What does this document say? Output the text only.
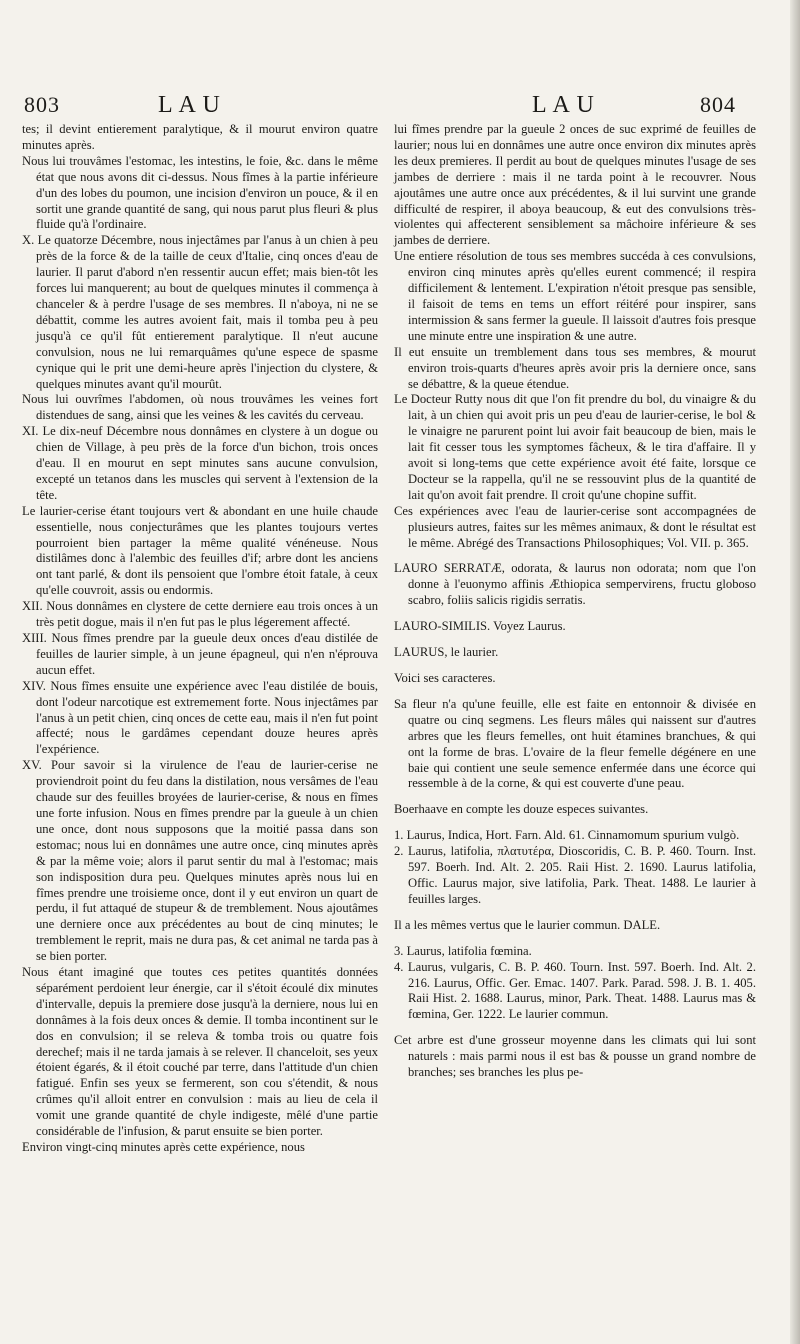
803	L A U	L A U	804

tes; il devint entierement paralytique, & il mourut environ quatre minutes après.

Nous lui trouvâmes l'estomac, les intestins, le foie, &c. dans le même état que nous avons dit ci-dessus. Nous fîmes à la partie inférieure d'un des lobes du poumon, une incision d'environ un pouce, & il en sortit une grande quantité de sang, qui nous parut plus fleuri & plus fluide qu'à l'ordinaire.

X. Le quatorze Décembre, nous injectâmes par l'anus à un chien à peu près de la force & de la taille de ceux d'Italie, cinq onces d'eau de laurier. Il parut d'abord n'en ressentir aucun effet; mais bien-tôt les forces lui manquerent; au bout de quelques minutes il commença à chanceler & à perdre l'usage de ses membres. Il n'aboya, ni ne se débattit, comme les autres avoient fait, mais il tomba peu à peu jusqu'à ce qu'il fût entierement paralytique. Il n'eut aucune convulsion, nous ne lui remarquâmes qu'une espece de spasme cynique qui le prit une demi-heure après l'injection du clystere, & quelques minutes avant qu'il mourût.

Nous lui ouvrîmes l'abdomen, où nous trouvâmes les veines fort distendues de sang, ainsi que les veines & les cavités du cerveau.

XI. Le dix-neuf Décembre nous donnâmes en clystere à un dogue ou chien de Village, à peu près de la force d'un bichon, trois onces d'eau. Il en mourut en sept minutes sans aucune convulsion, excepté un tetanos dans les muscles qui servent à l'extension de la tête.

Le laurier-cerise étant toujours vert & abondant en une huile chaude essentielle, nous conjecturâmes que les plantes toujours vertes pourroient bien partager la même qualité vénéneuse. Nous distilâmes donc à l'alembic des feuilles d'if; arbre dont les anciens ont tant parlé, & dont ils pensoient que l'ombre étoit fatale, à ceux qu'elle couvroit, assis ou endormis.

XII. Nous donnâmes en clystere de cette derniere eau trois onces à un très petit dogue, mais il n'en fut pas le plus légerement affecté.

XIII. Nous fîmes prendre par la gueule deux onces d'eau distilée de feuilles de laurier simple, à un jeune épagneul, qui n'en n'éprouva aucun effet.

XIV. Nous fîmes ensuite une expérience avec l'eau distilée de bouis, dont l'odeur narcotique est extremement forte. Nous injectâmes par l'anus à un petit chien, cinq onces de cette eau, mais il n'en fut point affecté; nous le gardâmes cependant douze heures après l'expérience.

XV. Pour savoir si la virulence de l'eau de laurier-cerise ne proviendroit point du feu dans la distilation, nous versâmes de l'eau chaude sur des feuilles broyées de laurier-cerise, & nous en fîmes une forte infusion. Nous en fîmes prendre par la gueule à un chien une once, dont nous supposons que la moitié passa dans son estomac; nous lui en donnâmes une autre once, cinq minutes après & par la même voie; alors il parut sentir du mal à l'estomac; mais son indisposition dura peu. Quelques minutes après nous lui en fîmes prendre une troisieme once, dont il y eut environ un quart de perdu, il fut attaqué de stupeur & de tremblement. Nous ajoutâmes une derniere once aux précédentes au bout de cinq minutes; le tremblement le reprit, mais ne dura pas, & cet animal ne tarda pas à se bien porter.

Nous étant imaginé que toutes ces petites quantités données séparément perdoient leur énergie, car il s'étoit écoulé dix minutes d'intervalle, depuis la premiere dose jusqu'à la derniere, nous lui en donnâmes à la fois deux onces & demie. Il tomba incontinent sur le dos en convulsion; il se releva & tomba trois ou quatre fois derechef; mais il ne tarda jamais à se relever. Il chanceloit, ses yeux étoient égarés, & il étoit couché par terre, dans l'attitude d'un chien fatigué. Enfin ses yeux se fermerent, son cou s'étendit, & nous crûmes qu'il alloit entrer en convulsion : mais au lieu de cela il vomit une grande quantité de chyle indigeste, mêlé d'une partie considérable de l'infusion, & parut ensuite se bien porter.

Environ vingt-cinq minutes après cette expérience, nous

lui fîmes prendre par la gueule 2 onces de suc exprimé de feuilles de laurier; nous lui en donnâmes une autre once environ dix minutes après les deux premieres. Il perdit au bout de quelques minutes l'usage de ses jambes de derriere : mais il ne tarda point à le recouvrer. Nous ajoutâmes une autre once aux précédentes, & il lui survint une grande difficulté de respirer, il aboya beaucoup, & eut des convulsions très-violentes qui affecterent sensiblement sa mâchoire inférieure & ses jambes de derriere.

Une entiere résolution de tous ses membres succéda à ces convulsions, environ cinq minutes après qu'elles eurent commencé; il respira difficilement & lentement. L'expiration n'étoit presque pas sensible, il faisoit de tems en tems un effort réitéré pour inspirer, sans intermission & sans fermer la gueule. Il laissoit d'autres fois presque une minute entre une inspiration & une autre.

Il eut ensuite un tremblement dans tous ses membres, & mourut environ trois-quarts d'heures après avoir pris la derniere once, sans se débattre, & la queue étendue.

Le Docteur Rutty nous dit que l'on fit prendre du bol, du vinaigre & du lait, à un chien qui avoit pris un peu d'eau de laurier-cerise, le bol & le vinaigre ne parurent point lui avoir fait beaucoup de bien, mais le lait fit cesser tous les symptomes fâcheux, & le tira d'affaire. Il y avoit si long-tems que cette expérience avoit été faite, lorsque ce Docteur se la rappella, qu'il ne se ressouvint plus de la quantité de lait qu'on avoit fait prendre. Il croit qu'une chopine suffit.

Ces expériences avec l'eau de laurier-cerise sont accompagnées de plusieurs autres, faites sur les mêmes animaux, & dont le résultat est le même. Abrégé des Transactions Philosophiques; Vol. VII. p. 365.

LAURO SERRATÆ, odorata, & laurus non odorata; nom que l'on donne à l'euonymo affinis Æthiopica sempervirens, fructu globoso scabro, foliis salicis rigidis serratis.

LAURO-SIMILIS. Voyez Laurus.

LAURUS, le laurier.

Voici ses caracteres.

Sa fleur n'a qu'une feuille, elle est faite en entonnoir & divisée en quatre ou cinq segmens. Les fleurs mâles qui naissent sur d'autres arbres que les fleurs femelles, ont huit étamines branchues, & qui ont la forme de bras. L'ovaire de la fleur femelle dégénere en une baie qui contient une seule semence enfermée dans une écorce qui ressemble à de la corne, & qui est couverte d'une peau.

Boerhaave en compte les douze especes suivantes.

1. Laurus, Indica, Hort. Farn. Ald. 61. Cinnamomum spurium vulgò.

2. Laurus, latifolia, πλατυτέρα, Dioscoridis, C. B. P. 460. Tourn. Inst. 597. Boerh. Ind. Alt. 2. 205. Raii Hist. 2. 1690. Laurus latifolia, Offic. Laurus major, sive latifolia, Park. Theat. 1488. Le laurier à feuilles larges.

Il a les mêmes vertus que le laurier commun. DALE.

3. Laurus, latifolia fœmina.

4. Laurus, vulgaris, C. B. P. 460. Tourn. Inst. 597. Boerh. Ind. Alt. 2. 216. Laurus, Offic. Ger. Emac. 1407. Park. Parad. 598. J. B. 1. 405. Raii Hist. 2. 1688. Laurus, minor, Park. Theat. 1488. Laurus mas & fœmina, Ger. 1222. Le laurier commun.

Cet arbre est d'une grosseur moyenne dans les climats qui lui sont naturels : mais parmi nous il est bas & pousse un grand nombre de branches; ses branches les plus pe-
